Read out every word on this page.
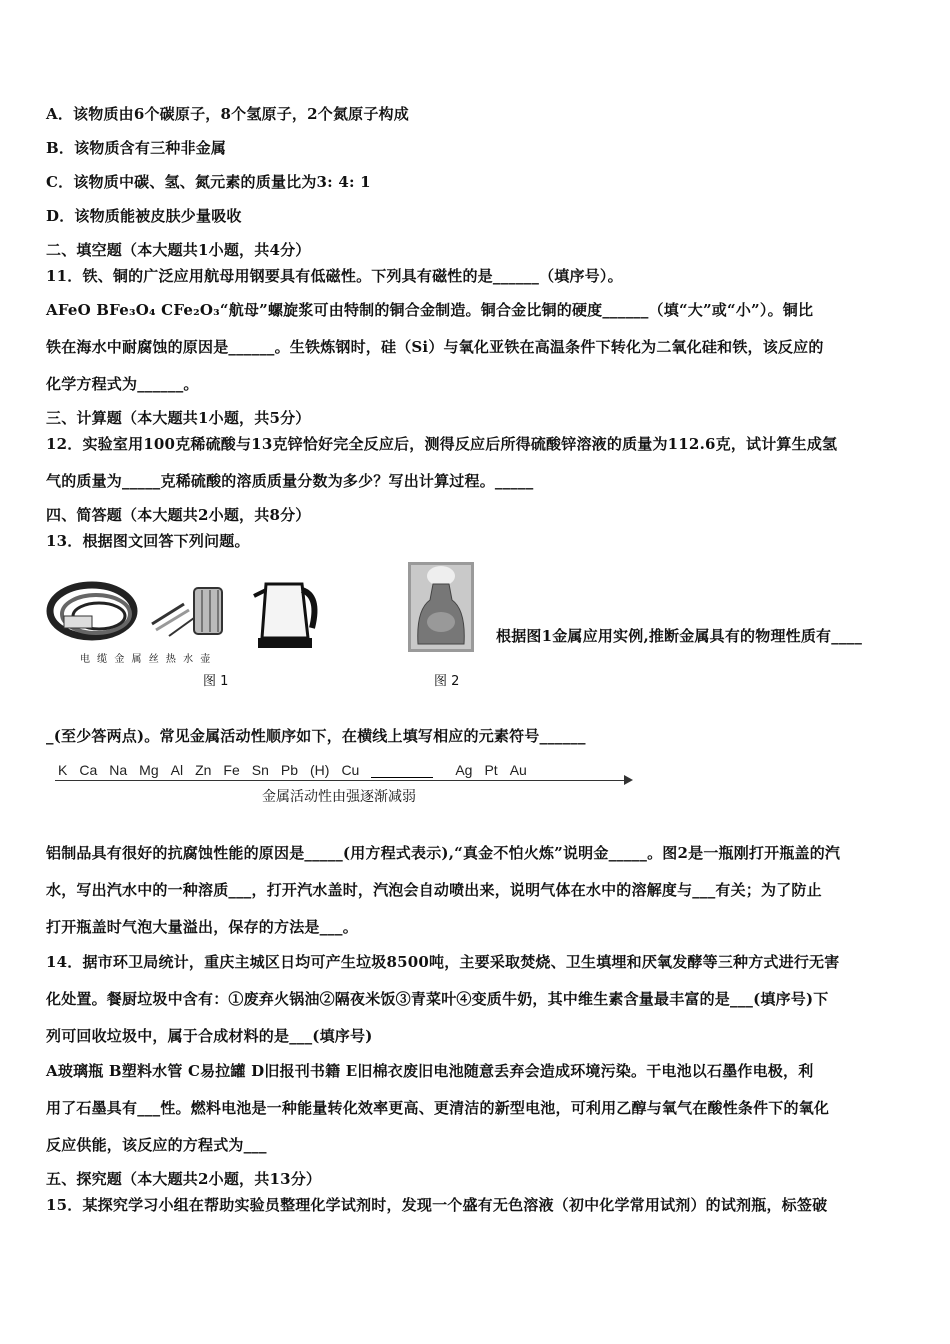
A．该物质由6个碳原子，8个氢原子，2个氮原子构成
B．该物质含有三种非金属
C．该物质中碳、氢、氮元素的质量比为3: 4: 1
D．该物质能被皮肤少量吸收
二、填空题（本大题共1小题，共4分）
11．铁、铜的广泛应用航母用钢要具有低磁性。下列具有磁性的是______（填序号）。
AFeO BFe₃O₄ CFe₂O₃“航母”螺旋浆可由特制的铜合金制造。铜合金比铜的硬度______（填“大”或“小”）。铜比
铁在海水中耐腐蚀的原因是______。生铁炼钢时，硅（Si）与氧化亚铁在高温条件下转化为二氧化硅和铁，该反应的
化学方程式为______。
三、计算题（本大题共1小题，共5分）
12．实验室用100克稀硫酸与13克锌恰好完全反应后，测得反应后所得硫酸锌溶液的质量为112.6克，试计算生成氢
气的质量为_____克稀硫酸的溶质质量分数为多少？写出计算过程。_____
四、简答题（本大题共2小题，共8分）
13．根据图文回答下列问题。
电 缆 金 属 丝 热 水 壶
图 1	图 2
根据图1金属应用实例,推断金属具有的物理性质有____
_(至少答两点)。常见金属活动性顺序如下，在横线上填写相应的元素符号______
K Ca Na Mg Al Zn Fe Sn Pb (H) Cu	Ag Pt Au
金属活动性由强逐渐减弱
铝制品具有很好的抗腐蚀性能的原因是_____(用方程式表示),“真金不怕火炼”说明金_____。图2是一瓶刚打开瓶盖的汽
水，写出汽水中的一种溶质___，打开汽水盖时，汽泡会自动喷出来，说明气体在水中的溶解度与___有关；为了防止
打开瓶盖时气泡大量溢出，保存的方法是___。
14．据市环卫局统计，重庆主城区日均可产生垃圾8500吨，主要采取焚烧、卫生填埋和厌氧发酵等三种方式进行无害
化处置。餐厨垃圾中含有：①废弃火锅油②隔夜米饭③青菜叶④变质牛奶，其中维生素含量最丰富的是___(填序号)下
列可回收垃圾中，属于合成材料的是___(填序号)
A玻璃瓶 B塑料水管 C易拉罐 D旧报刊书籍 E旧棉衣废旧电池随意丢弃会造成环境污染。干电池以石墨作电极，利
用了石墨具有___性。燃料电池是一种能量转化效率更高、更清洁的新型电池，可利用乙醇与氧气在酸性条件下的氧化
反应供能，该反应的方程式为___
五、探究题（本大题共2小题，共13分）
15．某探究学习小组在帮助实验员整理化学试剂时，发现一个盛有无色溶液（初中化学常用试剂）的试剂瓶，标签破
